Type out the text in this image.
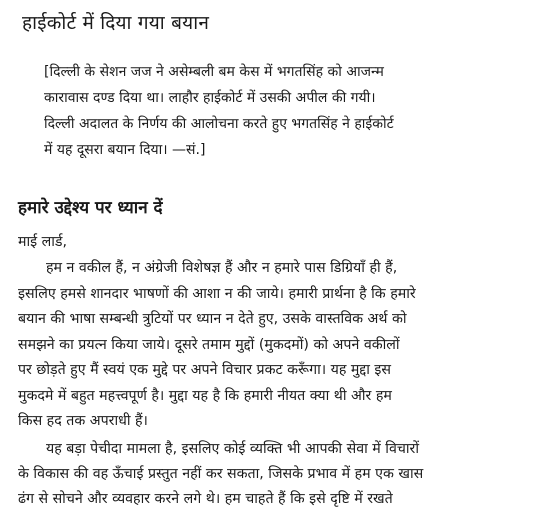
हाईकोर्ट में दिया गया बयान
[दिल्ली के सेशन जज ने असेम्बली बम केस में भगतसिंह को आजन्म
कारावास दण्ड दिया था। लाहौर हाईकोर्ट में उसकी अपील की गयी।
दिल्ली अदालत के निर्णय की आलोचना करते हुए भगतसिंह ने हाईकोर्ट
में यह दूसरा बयान दिया। —सं.]
हमारे उद्देश्य पर ध्यान दें
माई लार्ड,
हम न वकील हैं, न अंग्रेजी विशेषज्ञ हैं और न हमारे पास डिग्रियाँ ही हैं,
इसलिए हमसे शानदार भाषणों की आशा न की जाये। हमारी प्रार्थना है कि हमारे
बयान की भाषा सम्बन्धी त्रुटियों पर ध्यान न देते हुए, उसके वास्तविक अर्थ को
समझने का प्रयत्न किया जाये। दूसरे तमाम मुद्दों (मुकदमों) को अपने वकीलों
पर छोड़ते हुए मैं स्वयं एक मुद्दे पर अपने विचार प्रकट करूँगा। यह मुद्दा इस
मुकदमे में बहुत महत्त्वपूर्ण है। मुद्दा यह है कि हमारी नीयत क्या थी और हम
किस हद तक अपराधी हैं।
यह बड़ा पेचीदा मामला है, इसलिए कोई व्यक्ति भी आपकी सेवा में विचारों
के विकास की वह ऊँचाई प्रस्तुत नहीं कर सकता, जिसके प्रभाव में हम एक खास
ढंग से सोचने और व्यवहार करने लगे थे। हम चाहते हैं कि इसे दृष्टि में रखते
